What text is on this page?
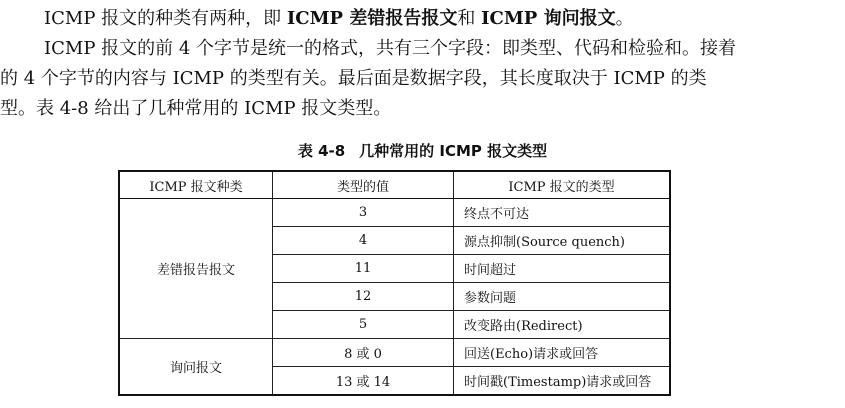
ICMP 报文的种类有两种，即 ICMP 差错报告报文和 ICMP 询问报文。

ICMP 报文的前 4 个字节是统一的格式，共有三个字段：即类型、代码和检验和。接着
的 4 个字节的内容与 ICMP 的类型有关。最后面是数据字段，其长度取决于 ICMP 的类
型。表 4-8 给出了几种常用的 ICMP 报文类型。

表 4-8 几种常用的 ICMP 报文类型
ICMP 报文种类	类型的值	ICMP 报文的类型
差错报告报文	3	终点不可达
	4	源点抑制(Source quench)
	11	时间超过
	12	参数问题
	5	改变路由(Redirect)
询问报文	8 或 0	回送(Echo)请求或回答
	13 或 14	时间戳(Timestamp)请求或回答
